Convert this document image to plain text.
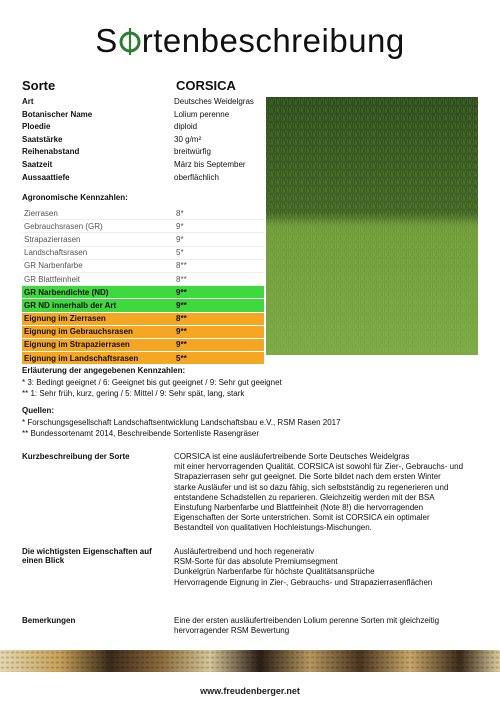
S rtenbeschreibung
Sorte	CORSICA
Art	Deutsches Weidelgras
Botanischer Name	Lolium perenne
Ploedie	diploid
Saatstärke	30 g/m²
Reihenabstand	breitwürfig
Saatzeit	März bis September
Aussaattiefe	oberflächlich
Agronomische Kennzahlen:
Zierrasen	8*
Gebrauchsrasen (GR)	9*
Strapazierrasen	9*
Landschaftsrasen	5*
GR Narbenfarbe	8**
GR Blattfeinheit	8**
GR Narbendichte (ND)	9**
GR ND innerhalb der Art	9**
Eignung im Zierrasen	8**
Eignung im Gebrauchsrasen	9**
Eignung im Strapazierrasen	9**
Eignung im Landschaftsrasen	5**
Erläuterung der angegebenen Kennzahlen:
* 3: Bedingt geeignet / 6: Geeignet bis gut geeignet / 9: Sehr gut geeignet
** 1: Sehr früh, kurz, gering / 5: Mittel / 9: Sehr spät, lang, stark
Quellen:
* Forschungsgesellschaft Landschaftsentwicklung Landschaftsbau e.V., RSM Rasen 2017
** Bundessortenamt 2014, Beschreibende Sortenliste Rasengräser
Kurzbeschreibung der Sorte	CORSICA ist eine ausläufertreibende Sorte Deutsches Weidelgras
mit einer hervorragenden Qualität. CORSICA ist sowohl für Zier-, Gebrauchs- und
Strapazierrasen sehr gut geeignet. Die Sorte bildet nach dem ersten Winter
starke Ausläufer und ist so dazu fähig, sich selbstständig zu regenerieren und
entstandene Schadstellen zu reparieren. Gleichzeitig werden mit der BSA
Einstufung Narbenfarbe und Blattfeinheit (Note 8!) die hervorragenden
Eigenschaften der Sorte unterstrichen. Somit ist CORSICA ein optimaler
Bestandteil von qualitativen Hochleistungs-Mischungen.
Die wichtigsten Eigenschaften auf
einen Blick
Ausläufertreibend und hoch regenerativ
RSM-Sorte für das absolute Premiumsegment
Dunkelgrün Narbenfarbe für höchste Qualitätsansprüche
Hervorragende Eignung in Zier-, Gebrauchs- und Strapazierrasenflächen
Bemerkungen	Eine der ersten ausläufertreibenden Lolium perenne Sorten mit gleichzeitig
hervorragender RSM Bewertung
www.freudenberger.net
